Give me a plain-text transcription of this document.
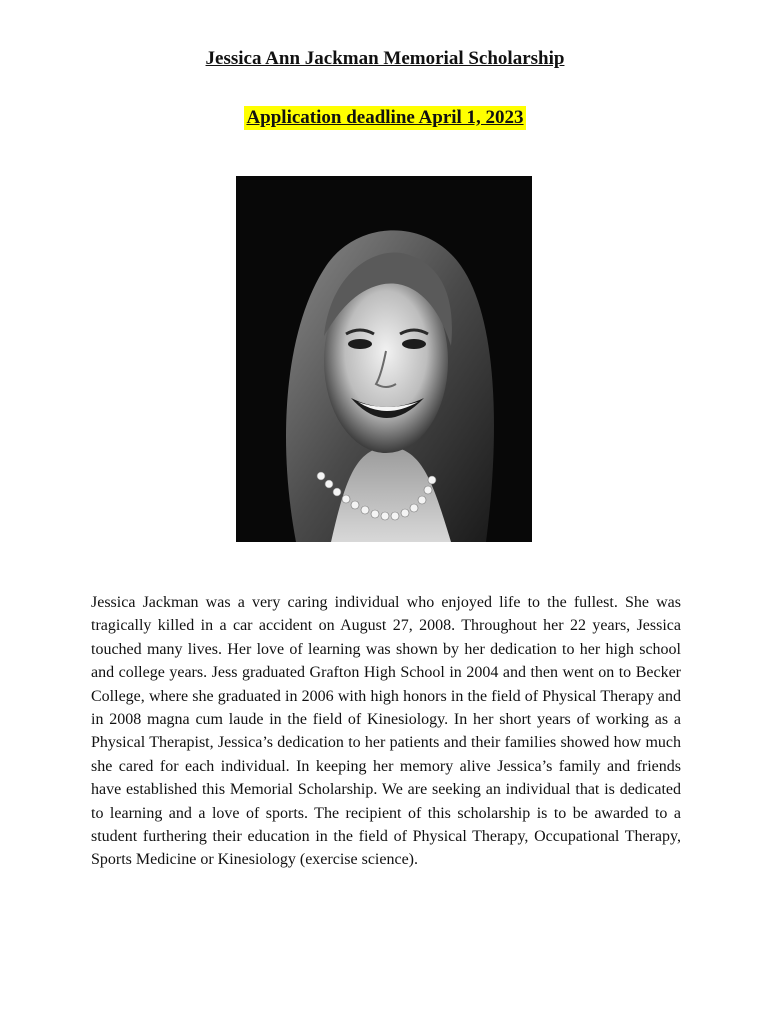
Jessica Ann Jackman Memorial Scholarship
Application deadline April 1, 2023

Jessica Jackman was a very caring individual who enjoyed life to the fullest. She was tragically killed in a car accident on August 27, 2008. Throughout her 22 years, Jessica touched many lives. Her love of learning was shown by her dedication to her high school and college years. Jess graduated Grafton High School in 2004 and then went on to Becker College, where she graduated in 2006 with high honors in the field of Physical Therapy and in 2008 magna cum laude in the field of Kinesiology. In her short years of working as a Physical Therapist, Jessica’s dedication to her patients and their families showed how much she cared for each individual. In keeping her memory alive Jessica’s family and friends have established this Memorial Scholarship. We are seeking an individual that is dedicated to learning and a love of sports. The recipient of this scholarship is to be awarded to a student furthering their education in the field of Physical Therapy, Occupational Therapy, Sports Medicine or Kinesiology (exercise science).
